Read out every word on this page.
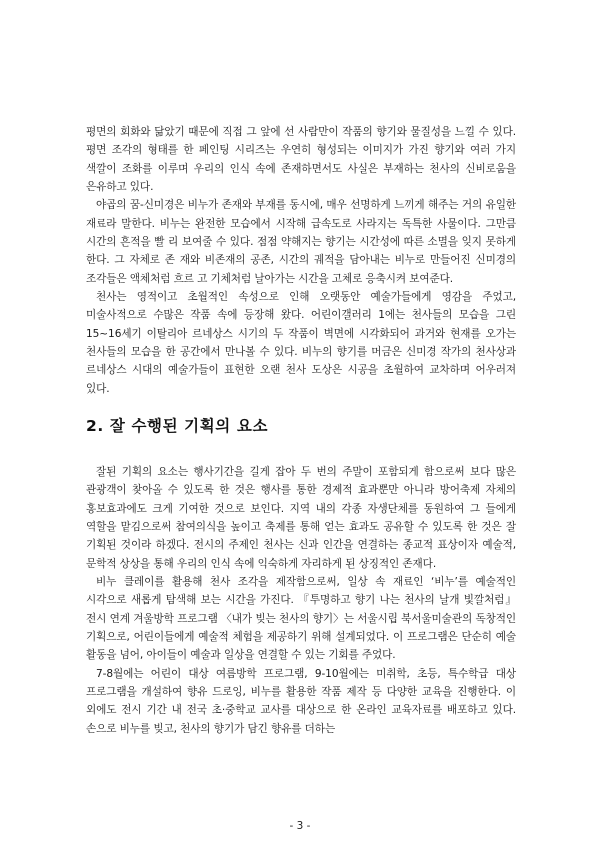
평면의 회화와 닮았기 때문에 직접 그 앞에 선 사람만이 작품의 향기와 물질성을 느낄 수 있다. 평면 조각의 형태를 한 페인팅 시리즈는 우연히 형성되는 이미지가 가진 향기와 여러 가지 색깔이 조화를 이루며 우리의 인식 속에 존재하면서도 사실은 부재하는 천사의 신비로움을 은유하고 있다.

야곱의 꿈-신미경은 비누가 존재와 부재를 동시에, 매우 선명하게 느끼게 해주는 거의 유일한 재료라 말한다. 비누는 완전한 모습에서 시작해 급속도로 사라지는 독특한 사물이다. 그만큼 시간의 흔적을 빨 리 보여줄 수 있다. 점점 약해지는 향기는 시간성에 따른 소멸을 잊지 못하게 한다. 그 자체로 존 재와 비존재의 공존, 시간의 궤적을 담아내는 비누로 만들어진 신미경의 조각들은 액체처럼 흐르 고 기체처럼 날아가는 시간을 고체로 응축시켜 보여준다.

천사는 영적이고 초월적인 속성으로 인해 오랫동안 예술가들에게 영감을 주었고, 미술사적으로 수많은 작품 속에 등장해 왔다. 어린이갤러리 1에는 천사들의 모습을 그린 15~16세기 이탈리아 르네상스 시기의 두 작품이 벽면에 시각화되어 과거와 현재를 오가는 천사들의 모습을 한 공간에서 만나볼 수 있다. 비누의 향기를 머금은 신미경 작가의 천사상과 르네상스 시대의 예술가들이 표현한 오랜 천사 도상은 시공을 초월하여 교차하며 어우러져 있다.

2. 잘 수행된 기획의 요소

잘된 기획의 요소는 행사기간을 길게 잡아 두 번의 주말이 포함되게 함으로써 보다 많은 관광객이 찾아올 수 있도록 한 것은 행사를 통한 경제적 효과뿐만 아니라 방어축제 자체의 홍보효과에도 크게 기여한 것으로 보인다. 지역 내의 각종 자생단체를 동원하여 그 들에게 역할을 맡김으로써 참여의식을 높이고 축제를 통해 얻는 효과도 공유할 수 있도록 한 것은 잘 기획된 것이라 하겠다. 전시의 주제인 천사는 신과 인간을 연결하는 종교적 표상이자 예술적, 문학적 상상을 통해 우리의 인식 속에 익숙하게 자리하게 된 상징적인 존재다.

비누 클레이를 활용해 천사 조각을 제작함으로써, 일상 속 재료인 ‘비누’를 예술적인 시각으로 새롭게 탐색해 보는 시간을 가진다. 『투명하고 향기 나는 천사의 날개 빛깔처럼』 전시 연계 겨울방학 프로그램 〈내가 빚는 천사의 향기〉는 서울시립 북서울미술관의 독창적인 기획으로, 어린이들에게 예술적 체험을 제공하기 위해 설계되었다. 이 프로그램은 단순히 예술 활동을 넘어, 아이들이 예술과 일상을 연결할 수 있는 기회를 주었다.

7-8월에는 어린이 대상 여름방학 프로그램, 9-10월에는 미취학, 초등, 특수학급 대상 프로그램을 개설하여 향유 드로잉, 비누를 활용한 작품 제작 등 다양한 교육을 진행한다. 이 외에도 전시 기간 내 전국 초·중학교 교사를 대상으로 한 온라인 교육자료를 배포하고 있다. 손으로 비누를 빚고, 천사의 향기가 담긴 향유를 더하는

- 3 -
